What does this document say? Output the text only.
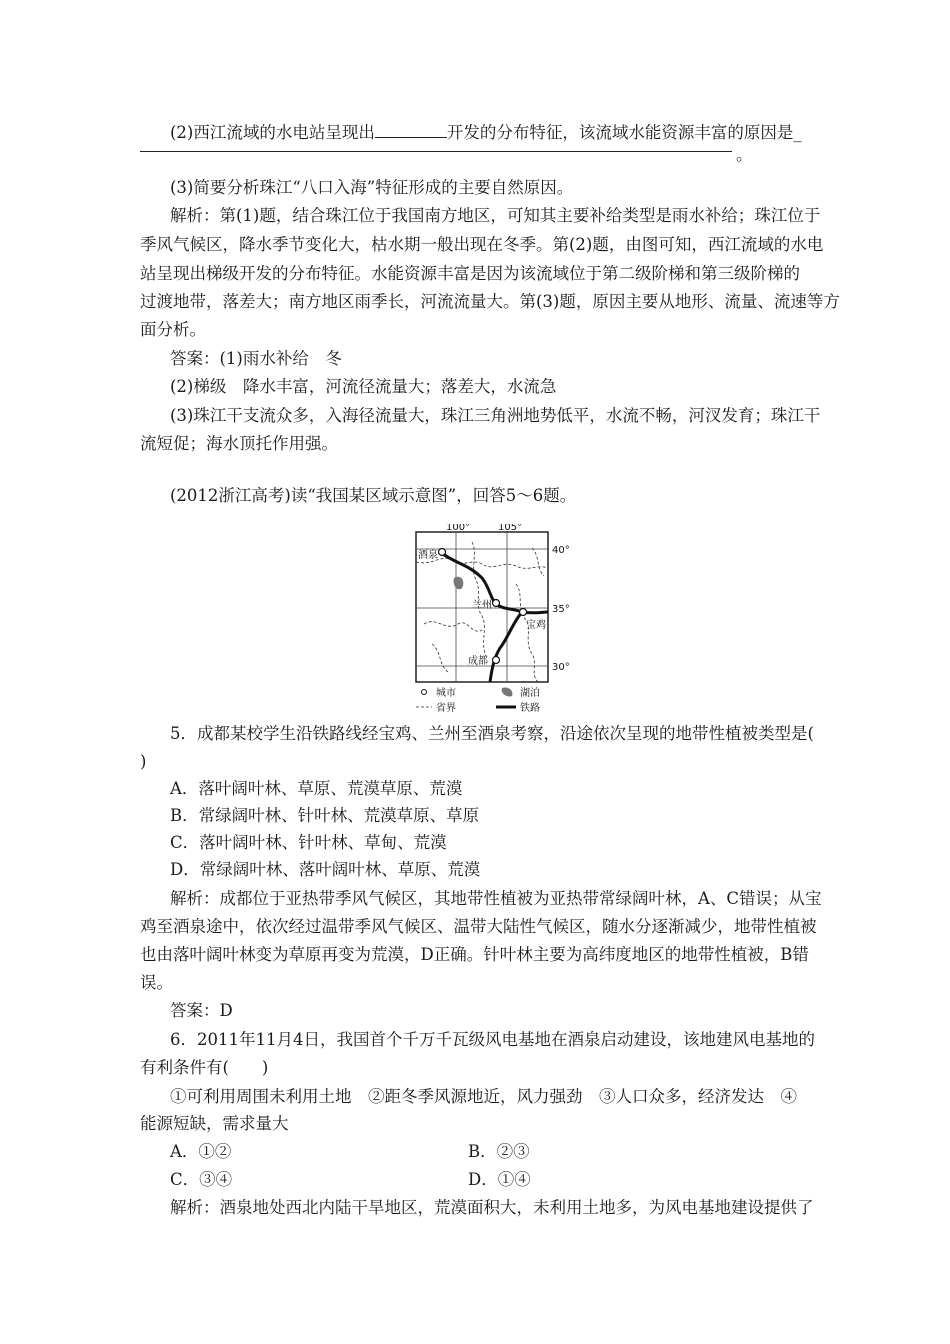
(2)西江流域的水电站呈现出	开发的分布特征，该流域水能资源丰富的原因是_
。
(3)简要分析珠江“八口入海”特征形成的主要自然原因。
解析：第(1)题，结合珠江位于我国南方地区，可知其主要补给类型是雨水补给；珠江位于
季风气候区，降水季节变化大，枯水期一般出现在冬季。第(2)题，由图可知，西江流域的水电
站呈现出梯级开发的分布特征。水能资源丰富是因为该流域位于第二级阶梯和第三级阶梯的
过渡地带，落差大；南方地区雨季长，河流流量大。第(3)题，原因主要从地形、流量、流速等方
面分析。
答案：(1)雨水补给　冬
(2)梯级　降水丰富，河流径流量大；落差大，水流急
(3)珠江干支流众多，入海径流量大，珠江三角洲地势低平，水流不畅，河汊发育；珠江干
流短促；海水顶托作用强。
(2012浙江高考)读“我国某区域示意图”，回答5～6题。
100°	105°
40°
35°
30°
酒泉
兰州
宝鸡
成都
城市	湖泊
省界	铁路
5．成都某校学生沿铁路线经宝鸡、兰州至酒泉考察，沿途依次呈现的地带性植被类型是(
)
A．落叶阔叶林、草原、荒漠草原、荒漠
B．常绿阔叶林、针叶林、荒漠草原、草原
C．落叶阔叶林、针叶林、草甸、荒漠
D．常绿阔叶林、落叶阔叶林、草原、荒漠
解析：成都位于亚热带季风气候区，其地带性植被为亚热带常绿阔叶林，A、C错误；从宝
鸡至酒泉途中，依次经过温带季风气候区、温带大陆性气候区，随水分逐渐减少，地带性植被
也由落叶阔叶林变为草原再变为荒漠，D正确。针叶林主要为高纬度地区的地带性植被，B错
误。
答案：D
6．2011年11月4日，我国首个千万千瓦级风电基地在酒泉启动建设，该地建风电基地的
有利条件有(　　)
①可利用周围未利用土地　②距冬季风源地近，风力强劲　③人口众多，经济发达　④
能源短缺，需求量大
A．①②	B．②③
C．③④	D．①④
解析：酒泉地处西北内陆干旱地区，荒漠面积大，未利用土地多，为风电基地建设提供了
